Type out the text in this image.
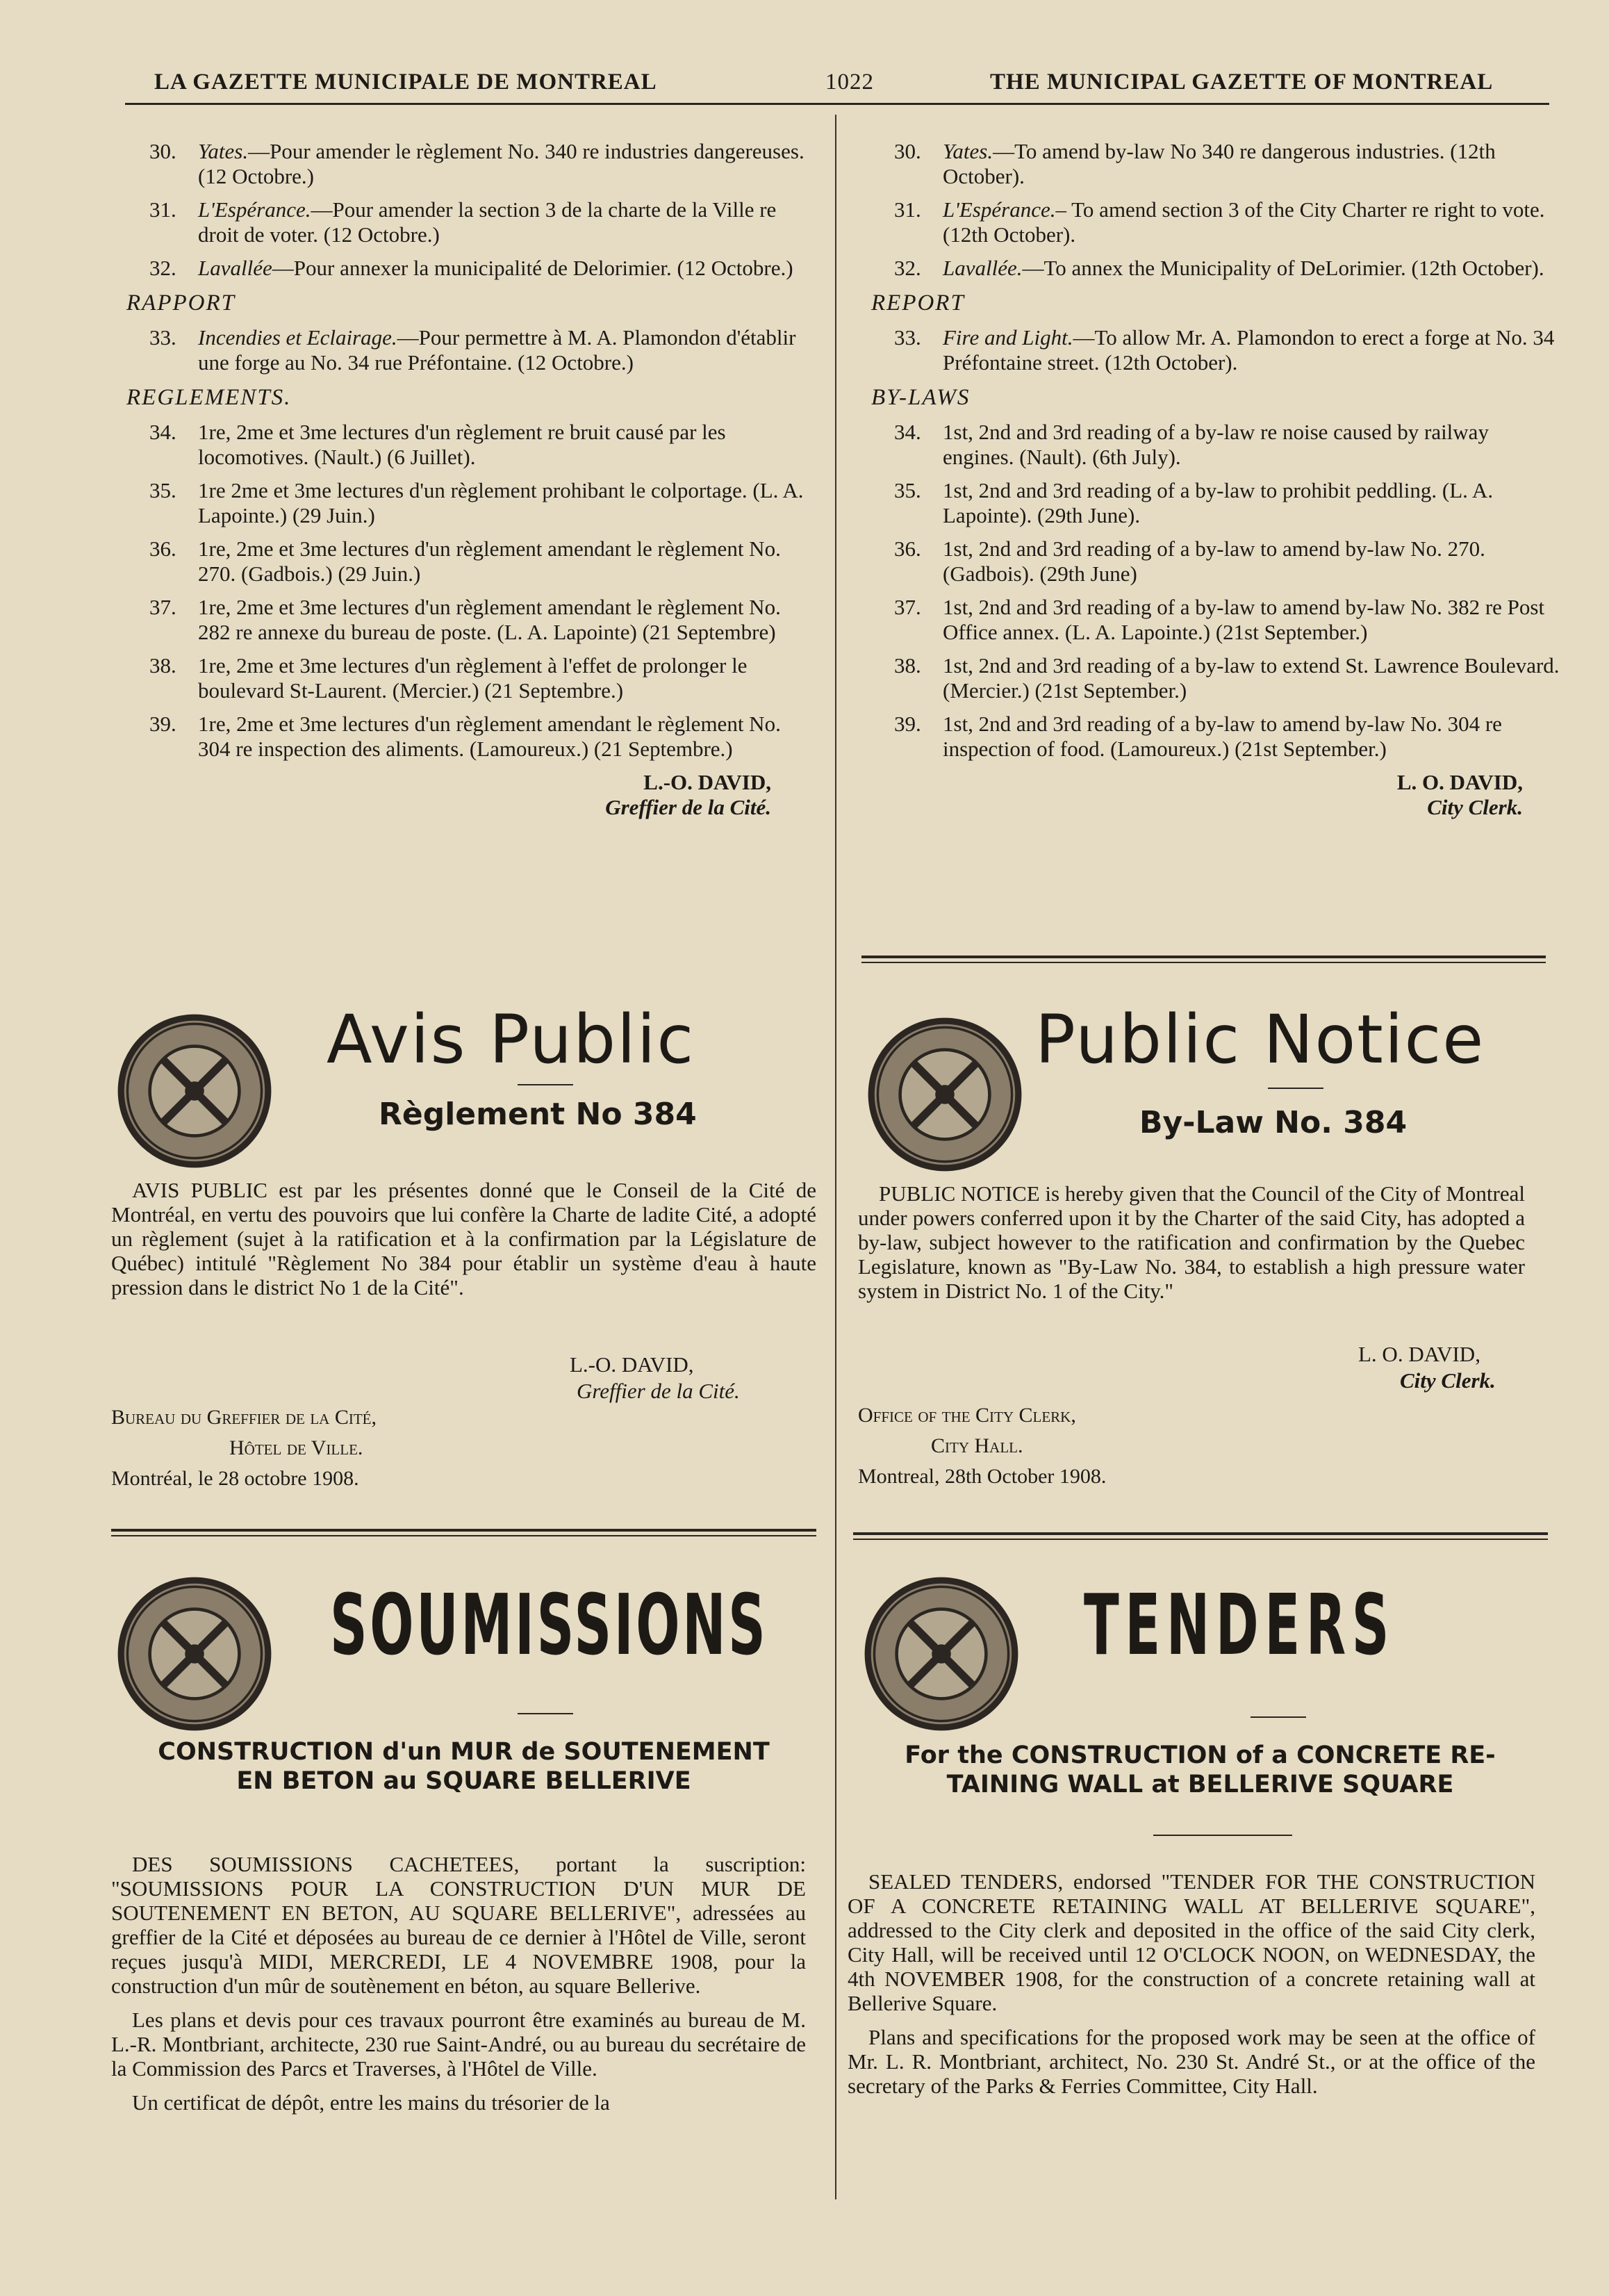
LA GAZETTE MUNICIPALE DE MONTREAL	1022	THE MUNICIPAL GAZETTE OF MONTREAL
30. Yates.—Pour amender le règlement No. 340 re industries dangereuses. (12 Octobre.)
31. L'Espérance.—Pour amender la section 3 de la charte de la Ville re droit de voter. (12 Octobre.)
32. Lavallée—Pour annexer la municipalité de Delorimier. (12 Octobre.)
RAPPORT
33. Incendies et Eclairage.—Pour permettre à M. A. Plamondon d'établir une forge au No. 34 rue Préfontaine. (12 Octobre.)
REGLEMENTS.
34. 1re, 2me et 3me lectures d'un règlement re bruit causé par les locomotives. (Nault.) (6 Juillet).
35. 1re 2me et 3me lectures d'un règlement prohibant le colportage. (L. A. Lapointe.) (29 Juin.)
36. 1re, 2me et 3me lectures d'un règlement amendant le règlement No. 270. (Gadbois.) (29 Juin.)
37. 1re, 2me et 3me lectures d'un règlement amendant le règlement No. 282 re annexe du bureau de poste. (L. A. Lapointe) (21 Septembre)
38. 1re, 2me et 3me lectures d'un règlement à l'effet de prolonger le boulevard St-Laurent. (Mercier.) (21 Septembre.)
39. 1re, 2me et 3me lectures d'un règlement amendant le règlement No. 304 re inspection des aliments. (Lamoureux.) (21 Septembre.)
L.-O. DAVID,
Greffier de la Cité.
30. Yates.—To amend by-law No 340 re dangerous industries. (12th October).
31. L'Espérance.– To amend section 3 of the City Charter re right to vote. (12th October).
32. Lavallée.—To annex the Municipality of DeLorimier. (12th October).
REPORT
33. Fire and Light.—To allow Mr. A. Plamondon to erect a forge at No. 34 Préfontaine street. (12th October).
BY-LAWS
34. 1st, 2nd and 3rd reading of a by-law re noise caused by railway engines. (Nault). (6th July).
35. 1st, 2nd and 3rd reading of a by-law to prohibit peddling. (L. A. Lapointe). (29th June).
36. 1st, 2nd and 3rd reading of a by-law to amend by-law No. 270. (Gadbois). (29th June)
37. 1st, 2nd and 3rd reading of a by-law to amend by-law No. 382 re Post Office annex. (L. A. Lapointe.) (21st September.)
38. 1st, 2nd and 3rd reading of a by-law to extend St. Lawrence Boulevard. (Mercier.) (21st September.)
39. 1st, 2nd and 3rd reading of a by-law to amend by-law No. 304 re inspection of food. (Lamoureux.) (21st September.)
L. O. DAVID,
City Clerk.
Avis Public
Règlement No 384

AVIS PUBLIC est par les présentes donné que le Conseil de la Cité de Montréal, en vertu des pouvoirs que lui confère la Charte de ladite Cité, a adopté un règlement (sujet à la ratification et à la confirmation par la Législature de Québec) intitulé "Règlement No 384 pour établir un système d'eau à haute pression dans le district No 1 de la Cité".

L.-O. DAVID,
Greffier de la Cité.
Bureau du Greffier de la Cité,
Hôtel de Ville.
Montréal, le 28 octobre 1908.
Public Notice
By-Law No. 384

PUBLIC NOTICE is hereby given that the Council of the City of Montreal under powers conferred upon it by the Charter of the said City, has adopted a by-law, subject however to the ratification and confirmation by the Quebec Legislature, known as "By-Law No. 384, to establish a high pressure water system in District No. 1 of the City."

L. O. DAVID,
City Clerk.
Office of the City Clerk,
City Hall.
Montreal, 28th October 1908.
SOUMISSIONS
CONSTRUCTION d'un MUR de SOUTENEMENT
EN BETON au SQUARE BELLERIVE

DES SOUMISSIONS CACHETEES, portant la suscription: "SOUMISSIONS POUR LA CONSTRUCTION D'UN MUR DE SOUTENEMENT EN BETON, AU SQUARE BELLERIVE", adressées au greffier de la Cité et déposées au bureau de ce dernier à l'Hôtel de Ville, seront reçues jusqu'à MIDI, MERCREDI, LE 4 NOVEMBRE 1908, pour la construction d'un mûr de soutènement en béton, au square Bellerive.

Les plans et devis pour ces travaux pourront être examinés au bureau de M. L.-R. Montbriant, architecte, 230 rue Saint-André, ou au bureau du secrétaire de la Commission des Parcs et Traverses, à l'Hôtel de Ville.

Un certificat de dépôt, entre les mains du trésorier de la

TENDERS
For the CONSTRUCTION of a CONCRETE RE-
TAINING WALL at BELLERIVE SQUARE

SEALED TENDERS, endorsed "TENDER FOR THE CONSTRUCTION OF A CONCRETE RETAINING WALL AT BELLERIVE SQUARE", addressed to the City clerk and deposited in the office of the said City clerk, City Hall, will be received until 12 O'CLOCK NOON, on WEDNESDAY, the 4th NOVEMBER 1908, for the construction of a concrete retaining wall at Bellerive Square.

Plans and specifications for the proposed work may be seen at the office of Mr. L. R. Montbriant, architect, No. 230 St. André St., or at the office of the secretary of the Parks & Ferries Committee, City Hall.
